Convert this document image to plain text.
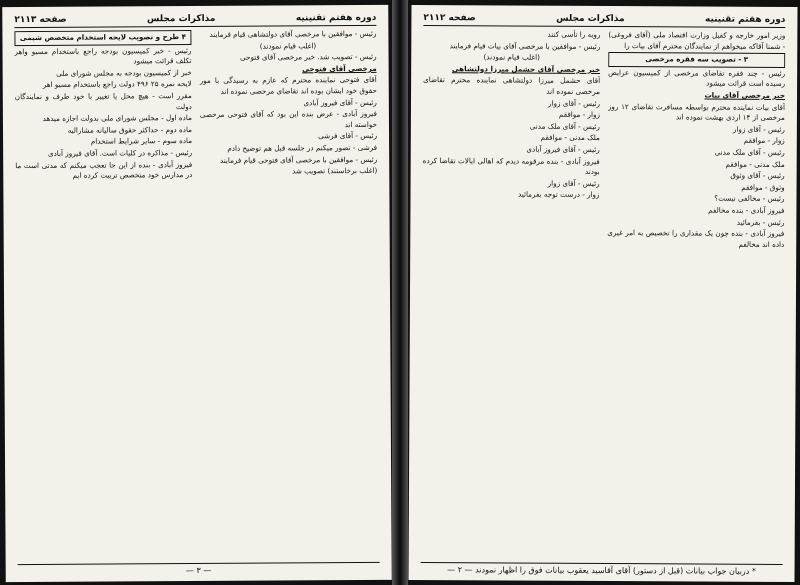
دوره هفتم تقنینیه
مذاکرات مجلس
صفحه ۲۱۱۳

رئیس - موافقین با مرخصی آقای دولتشاهی قیام فرمایند

(اغلب قیام نمودند)

رئیس - تصویب شد. خبر مرخصی آقای فتوحی

مرخصی آقای فتوحی

آقای فتوحی نماینده محترم که عازم به رسیدگی با مور حقوق خود ایشان بوده اند تقاضای مرخصی نموده اند

رئیس - آقای فیروز آبادی

فیروز آبادی - عرض بنده این بود که آقای فتوحی مرخصی خواسته اند

رئیس - آقای فرشی

فرشی - تصور میکنم در جلسه قبل هم توضیح دادم

رئیس - موافقین با مرخصی آقای فتوحی قیام فرمایند

(اغلب برخاستند) تصویب شد

۴ طرح و تصویب لایحه استخدام متخصص شیمی

رئیس - خبر کمیسیون بودجه راجع باستخدام مسیو واهر تکلف قرائت میشود

خبر از کمیسیون بودجه به مجلس شورای ملی

لایحه نمره ۲۵ ۴۹۶ دولت راجع باستخدام مسیو اهر

مقرر است - هیچ محل یا تغییر با خود طرف و نمایندگان دولت

ماده اول - مجلس شورای ملی بدولت اجازه میدهد

ماده دوم - حداکثر حقوق سالیانه مشارالیه

ماده سوم - سایر شرایط استخدام

رئیس - مذاکره در کلیات است. آقای فیروز آبادی

فیروز آبادی - بنده از این جا تعجب میکنم که مدتی است ما در مدارس خود متخصص تربیت کرده ایم

— ۳ —
دوره هفتم تقنینیه
مذاکرات مجلس
صفحه ۲۱۱۲

وزیر امور خارجه و کفیل وزارت اقتصاد ملی (آقای فروغی) - شمنا آقاکه میخواهم از نمایندگان محترم آقای بیات را

۳ - تصویب سه فقره مرخصی

رئیس - چند فقره تقاضای مرخصی از کمیسیون عرایض رسیده است قرائت میشود

خبر مرخصی آقای بیات

آقای بیات نماینده محترم بواسطه مسافرت تقاضای ۱۲ روز مرخصی از ۱۴ اردی بهشت نموده اند

رئیس - آقای زوار

زوار - موافقم

رئیس - آقای ملک مدنی

ملک مدنی - موافقم

رئیس - آقای وثوق

وثوق - موافقم

رئیس - مخالفی نیست؟

فیروز آبادی - بنده مخالفم

رئیس - بفرمائید

فیروز آبادی - بنده چون یک مقداری را تخصیص به امر غیری داده اند مخالفم

رویه را تأسی کنند

رئیس - موافقین با مرخصی آقای بیات قیام فرمایند

(اغلب قیام نمودند)

خبر مرخصی آقای حشمل میرزا دولتشاهی

آقای حشمل میرزا دولتشاهی نماینده محترم تقاضای مرخصی نموده اند

رئیس - آقای زوار

زوار - موافقم

رئیس - آقای ملک مدنی

ملک مدنی - موافقم

رئیس - آقای فیروز آبادی

فیروز آبادی - بنده مرقومه دیدم که اهالی ایالات تقاضا کرده بودند

رئیس - آقای زوار

زوار - درست توجه بفرمائید

* دربیان جواب بیانات (قبل از دستور) آقای آقاسید یعقوب بیانات فوق را اظهار نمودند — ۲ —
